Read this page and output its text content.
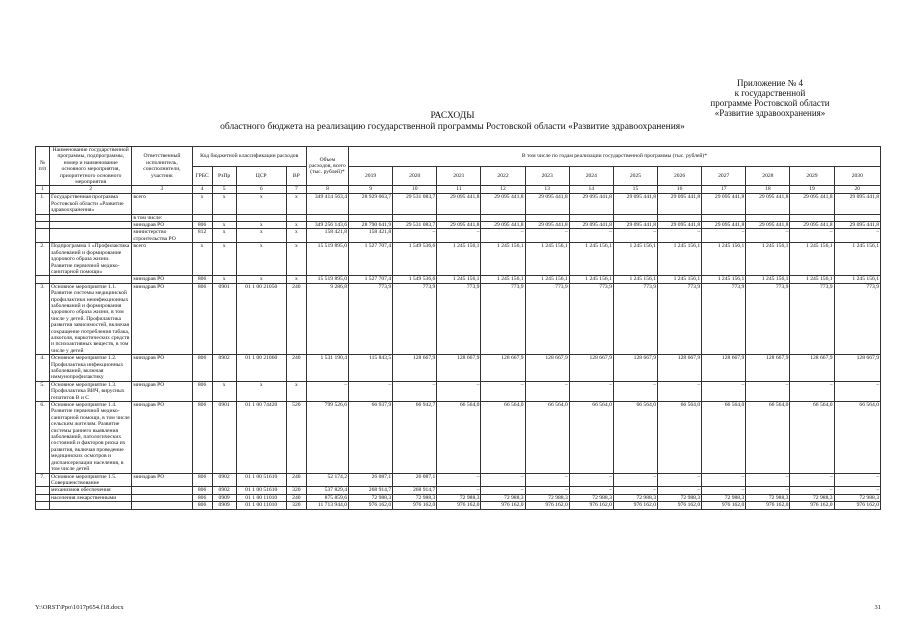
Приложение № 4
к государственной
программе Ростовской области
«Развитие здравоохранения»
РАСХОДЫ
областного бюджета на реализацию государственной программы Ростовской области «Развитие здравоохранения»
№ п/п	Наименование государственной программы, подпрограммы, номер и наименование основного мероприятия, приоритетного основного мероприятия	Ответственный исполнитель, соисполнители, участник	Код бюджетной классификации расходов				Объем расходов, всего (тыс. рублей)*	В том числе по годам реализации государственной программы (тыс. рублей)*											
			ГРБС	РзПр	ЦСР	ВР		2019	2020	2021	2022	2023	2024	2025	2026	2027	2028	2029	2030
1	2	3	4	5	6	7	8	9	10	11	12	13	14	15	16	17	18	19	20
1.	Государственная программа Ростовской области «Развитие здравоохранения»	всего	x	x	x	x	349 414 563,4	28 929 063,7	29 531 083,7	29 095 441,8	29 095 441,8	29 095 441,8	29 095 441,8	29 095 441,8	29 095 441,8	29 095 441,8	29 095 441,8	29 095 441,8	29 095 441,8
		в том числе:																	
		минздрав РО	806	x	x	x	349 256 143,6	28 790 641,9	29 531 083,7	29 095 441,8	29 095 441,8	29 095 441,8	29 095 441,8	29 095 441,8	29 095 441,8	29 095 441,8	29 095 441,8	29 095 441,8	29 095 441,8
		министерство строительства РО	812	x	x	x	158 421,8	158 421,8	–	–	–	–	–	–	–	–	–	–	–
2.	Подпрограмма 1 «Профилактика заболеваний и формирование здорового образа жизни. Развитие первичной медико-санитарной помощи»	всего	x	x	x	x	15 519 895,0	1 527 707,4	1 549 536,6	1 245 156,1	1 245 156,1	1 245 156,1	1 245 156,1	1 245 156,1	1 245 156,1	1 245 156,1	1 245 156,1	1 245 156,1	1 245 156,1
		минздрав РО	806	x	x	x	15 519 895,0	1 527 707,4	1 549 536,6	1 245 156,1	1 245 156,1	1 245 156,1	1 245 156,1	1 245 156,1	1 245 156,1	1 245 156,1	1 245 156,1	1 245 156,1	1 245 156,1
3.	Основное мероприятие 1.1. Развитие системы медицинской профилактики неинфекционных заболеваний и формирования здорового образа жизни, в том числе у детей. Профилактика развития зависимостей, включая сокращение потребления табака, алкоголя, наркотических средств и психоактивных веществ, в том числе у детей	минздрав РО	806	0901	01 1 00 21050	240	9 286,8	773,9	773,9	773,9	773,9	773,9	773,9	773,9	773,9	773,9	773,9	773,9	773,9
4.	Основное мероприятие 1.2. Профилактика инфекционных заболеваний, включая иммунопрофилактику	минздрав РО	806	0902	01 1 00 21060	240	1 531 190,4	115 843,5	128 667,9	128 667,9	128 667,9	128 667,9	128 667,9	128 667,9	128 667,9	128 667,9	128 667,9	128 667,9	128 667,9
5.	Основное мероприятие 1.3. Профилактика ВИЧ, вирусных гепатитов В и С	минздрав РО	806	x	x	x	–	–	–	–	–	–	–	–	–	–	–	–	–
6.	Основное мероприятие 1.4. Развитие первичной медико-санитарной помощи, в том числе сельским жителям. Развитие системы раннего выявления заболеваний, патологических состояний и факторов риска их развития, включая проведение медицинских осмотров и диспансеризации населения, в том числе детей	минздрав РО	806	0901	01 1 00 74420	520	799 526,6	66 937,9	66 942,7	66 564,0	66 564,0	66 564,0	66 564,0	66 564,0	66 564,0	66 564,0	66 564,0	66 564,0	66 564,0
7.	Основное мероприятие 1.5. Совершенствование	минздрав РО	806	0902	01 1 00 51610	240	52 174,2	26 087,1	26 087,1	–	–	–	–	–	–	–	–	–	–
	механизмов обеспечения		806	0902	01 1 00 51610	320	537 829,4	268 914,7	268 914,7	–	–	–	–	–	–	–	–	–	–
	населения лекарственными		806	0909	01 1 00 11010	240	875 859,6	72 988,3	72 988,3	72 988,3	72 988,3	72 988,3	72 988,3	72 988,3	72 988,3	72 988,3	72 988,3	72 988,3	72 988,3
			806	0909	01 1 00 11010	320	11 713 944,0	976 162,0	976 162,0	976 162,0	976 162,0	976 162,0	976 162,0	976 162,0	976 162,0	976 162,0	976 162,0	976 162,0	976 162,0
Y:\ORST\Ppo\1017p654.f18.docx	31
